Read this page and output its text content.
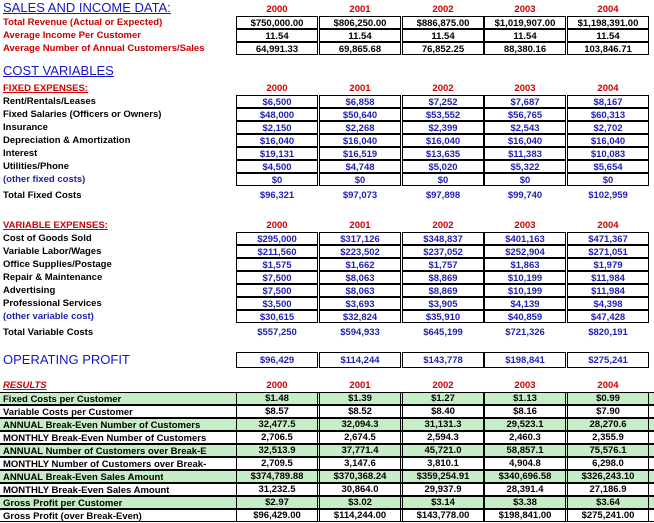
SALES AND INCOME DATA:	2000	2001	2002	2003	2004
Total Revenue (Actual or Expected)	$750,000.00	$806,250.00	$886,875.00	$1,019,907.00	$1,198,391.00
Average Income Per Customer	11.54	11.54	11.54	11.54	11.54
Average Number of Annual Customers/Sales	64,991.33	69,865.68	76,852.25	88,380.16	103,846.71
COST VARIABLES
FIXED EXPENSES:	2000	2001	2002	2003	2004
Rent/Rentals/Leases	$6,500	$6,858	$7,252	$7,687	$8,167
Fixed Salaries (Officers or Owners)	$48,000	$50,640	$53,552	$56,765	$60,313
Insurance	$2,150	$2,268	$2,399	$2,543	$2,702
Depreciation & Amortization	$16,040	$16,040	$16,040	$16,040	$16,040
Interest	$19,131	$16,519	$13,635	$11,383	$10,083
Utilities/Phone	$4,500	$4,748	$5,020	$5,322	$5,654
(other fixed costs)	$0	$0	$0	$0	$0
Total Fixed Costs	$96,321	$97,073	$97,898	$99,740	$102,959
VARIABLE EXPENSES:	2000	2001	2002	2003	2004
Cost of Goods Sold	$295,000	$317,126	$348,837	$401,163	$471,367
Variable Labor/Wages	$211,560	$223,502	$237,052	$252,904	$271,051
Office Supplies/Postage	$1,575	$1,662	$1,757	$1,863	$1,979
Repair & Maintenance	$7,500	$8,063	$8,869	$10,199	$11,984
Advertising	$7,500	$8,063	$8,869	$10,199	$11,984
Professional Services	$3,500	$3,693	$3,905	$4,139	$4,398
(other variable cost)	$30,615	$32,824	$35,910	$40,859	$47,428
Total Variable Costs	$557,250	$594,933	$645,199	$721,326	$820,191
OPERATING PROFIT	$96,429	$114,244	$143,778	$198,841	$275,241
RESULTS	2000	2001	2002	2003	2004
Fixed Costs per Customer	$1.48	$1.39	$1.27	$1.13	$0.99
Variable Costs per Customer	$8.57	$8.52	$8.40	$8.16	$7.90
ANNUAL Break-Even Number of Customers	32,477.5	32,094.3	31,131.3	29,523.1	28,270.6
MONTHLY Break-Even Number of Customers	2,706.5	2,674.5	2,594.3	2,460.3	2,355.9
ANNUAL Number of Customers over Break-E	32,513.9	37,771.4	45,721.0	58,857.1	75,576.1
MONTHLY Number of Customers over Break-	2,709.5	3,147.6	3,810.1	4,904.8	6,298.0
ANNUAL Break-Even Sales Amount	$374,789.88	$370,368.24	$359,254.91	$340,696.58	$326,243.10
MONTHLY Break-Even Sales Amount	31,232.5	30,864.0	29,937.9	28,391.4	27,186.9
Gross Profit per Customer	$2.97	$3.02	$3.14	$3.38	$3.64
Gross Profit (over Break-Even)	$96,429.00	$114,244.00	$143,778.00	$198,841.00	$275,241.00
